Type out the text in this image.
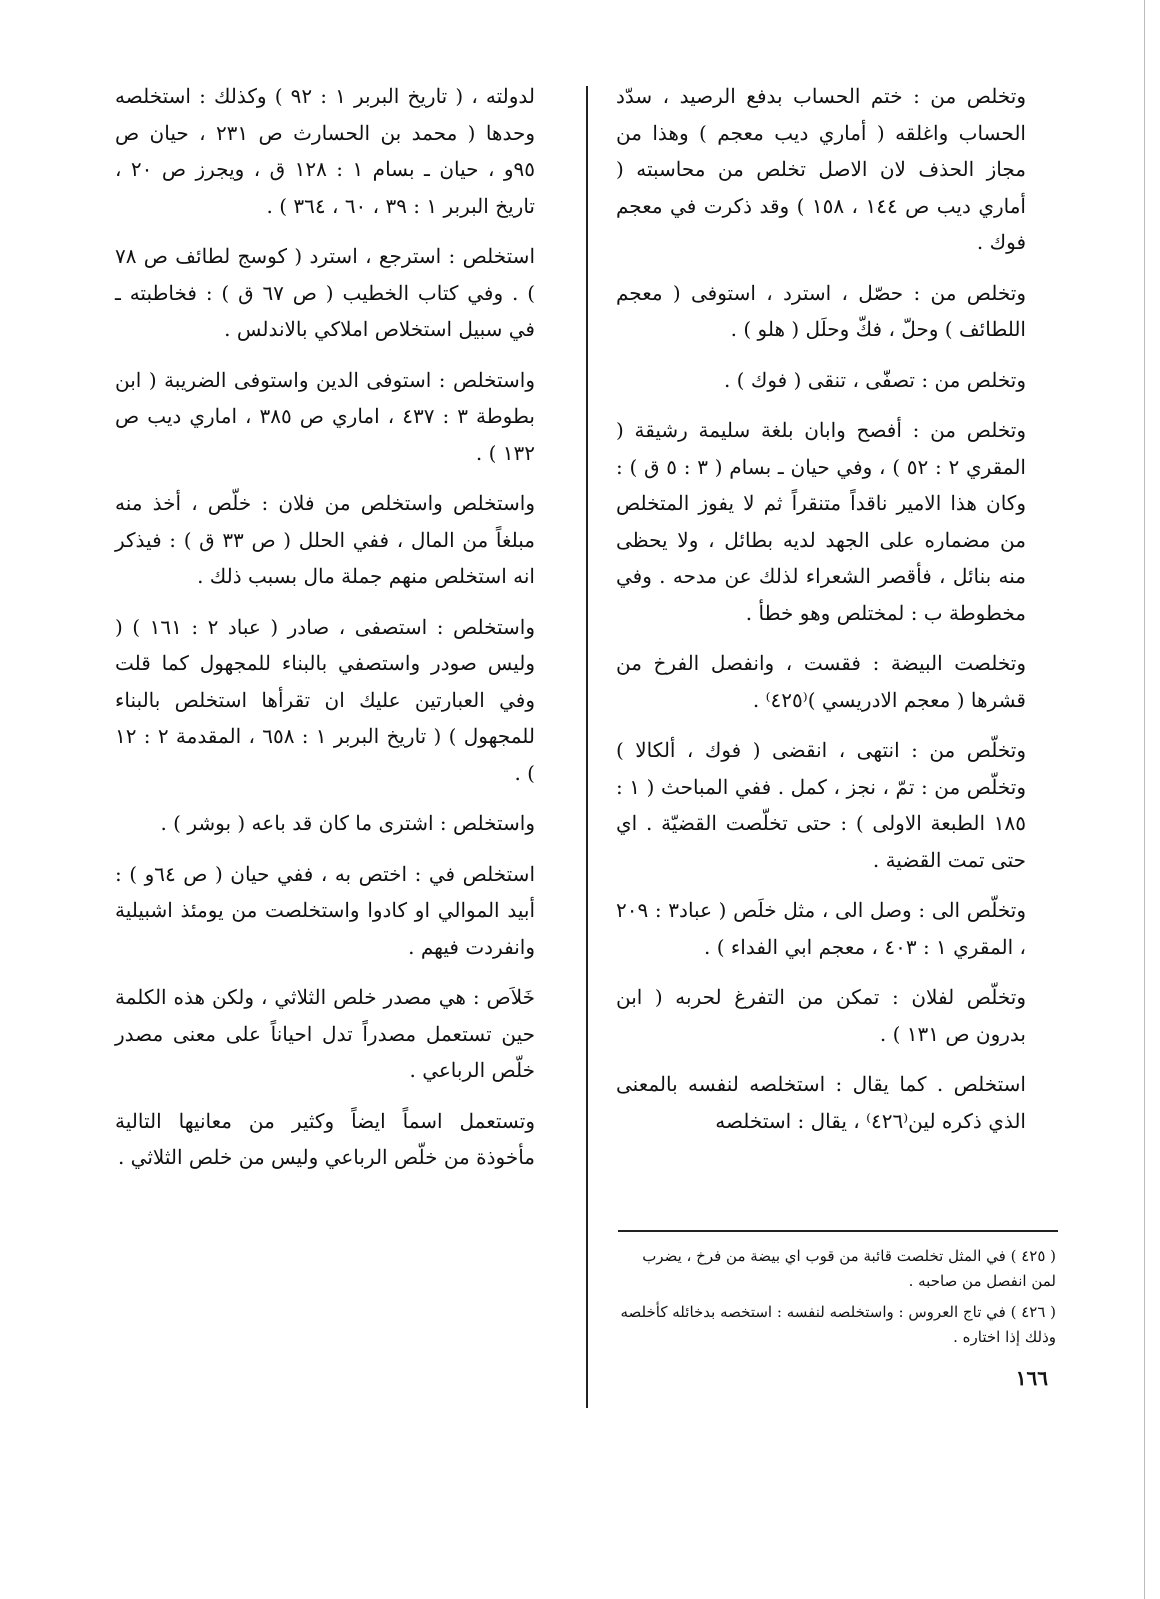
وتخلص من : ختم الحساب بدفع الرصيد ، سدّد الحساب واغلقه ( أماري ديب معجم ) وهذا من مجاز الحذف لان الاصل تخلص من محاسبته ( أماري ديب ص ١٤٤ ، ١٥٨ ) وقد ذكرت في معجم فوك .

وتخلص من : حصّل ، استرد ، استوفى ( معجم اللطائف ) وحلّ ، فكّ وحلَل ( هلو ) .

وتخلص من : تصفّى ، تنقى ( فوك ) .

وتخلص من : أفصح وابان بلغة سليمة رشيقة ( المقري ٢ : ٥٢ ) ، وفي حيان ـ بسام ( ٣ : ٥ ق ) : وكان هذا الامير ناقداً متنقراً ثم لا يفوز المتخلص من مضماره على الجهد لديه بطائل ، ولا يحظى منه بنائل ، فأقصر الشعراء لذلك عن مدحه . وفي مخطوطة ب : لمختلص وهو خطأ .

وتخلصت البيضة : فقست ، وانفصل الفرخ من قشرها ( معجم الادريسي )⁽٤٢٥⁾ .

وتخلّص من : انتهى ، انقضى ( فوك ، ألكالا ) وتخلّص من : تمّ ، نجز ، كمل . ففي المباحث ( ١ : ١٨٥ الطبعة الاولى ) : حتى تخلّصت القضيّة . اي حتى تمت القضية .

وتخلّص الى : وصل الى ، مثل خلَص ( عباد٣ : ٢٠٩ ، المقري ١ : ٤٠٣ ، معجم ابي الفداء ) .

وتخلّص لفلان : تمكن من التفرغ لحربه ( ابن بدرون ص ١٣١ ) .

استخلص . كما يقال : استخلصه لنفسه بالمعنى الذي ذكره لين⁽٤٢٦⁾ ، يقال : استخلصه

لدولته ، ( تاريخ البربر ١ : ٩٢ ) وكذلك : استخلصه وحدها ( محمد بن الحسارث ص ٢٣١ ، حيان ص ٩٥و ، حيان ـ بسام ١ : ١٢٨ ق ، ويجرز ص ٢٠ ، تاريخ البربر ١ : ٣٩ ، ٦٠ ، ٣٦٤ ) .

استخلص : استرجع ، استرد ( كوسج لطائف ص ٧٨ ) . وفي كتاب الخطيب ( ص ٦٧ ق ) : فخاطبته ـ في سبيل استخلاص املاكي بالاندلس .

واستخلص : استوفى الدين واستوفى الضريبة ( ابن بطوطة ٣ : ٤٣٧ ، اماري ص ٣٨٥ ، اماري ديب ص ١٣٢ ) .

واستخلص واستخلص من فلان : خلّص ، أخذ منه مبلغاً من المال ، ففي الحلل ( ص ٣٣ ق ) : فيذكر انه استخلص منهم جملة مال بسبب ذلك .

واستخلص : استصفى ، صادر ( عباد ٢ : ١٦١ ) ( وليس صودر واستصفي بالبناء للمجهول كما قلت وفي العبارتين عليك ان تقرأها استخلص بالبناء للمجهول ) ( تاريخ البربر ١ : ٦٥٨ ، المقدمة ٢ : ١٢ ) .

واستخلص : اشترى ما كان قد باعه ( بوشر ) .

استخلص في : اختص به ، ففي حيان ( ص ٦٤و ) : أبيد الموالي او كادوا واستخلصت من يومئذ اشبيلية وانفردت فيهم .

خَلاَص : هي مصدر خلص الثلاثي ، ولكن هذه الكلمة حين تستعمل مصدراً تدل احياناً على معنى مصدر خلّص الرباعي .

وتستعمل اسماً ايضاً وكثير من معانيها التالية مأخوذة من خلّص الرباعي وليس من خلص الثلاثي .

( ٤٢٥ ) في المثل تخلصت قائبة من قوب اي بيضة من فرخ ، يضرب لمن انفصل من صاحبه .

( ٤٢٦ ) في تاج العروس : واستخلصه لنفسه : استخصه بدخائله كأخلصه وذلك إذا اختاره .

١٦٦
